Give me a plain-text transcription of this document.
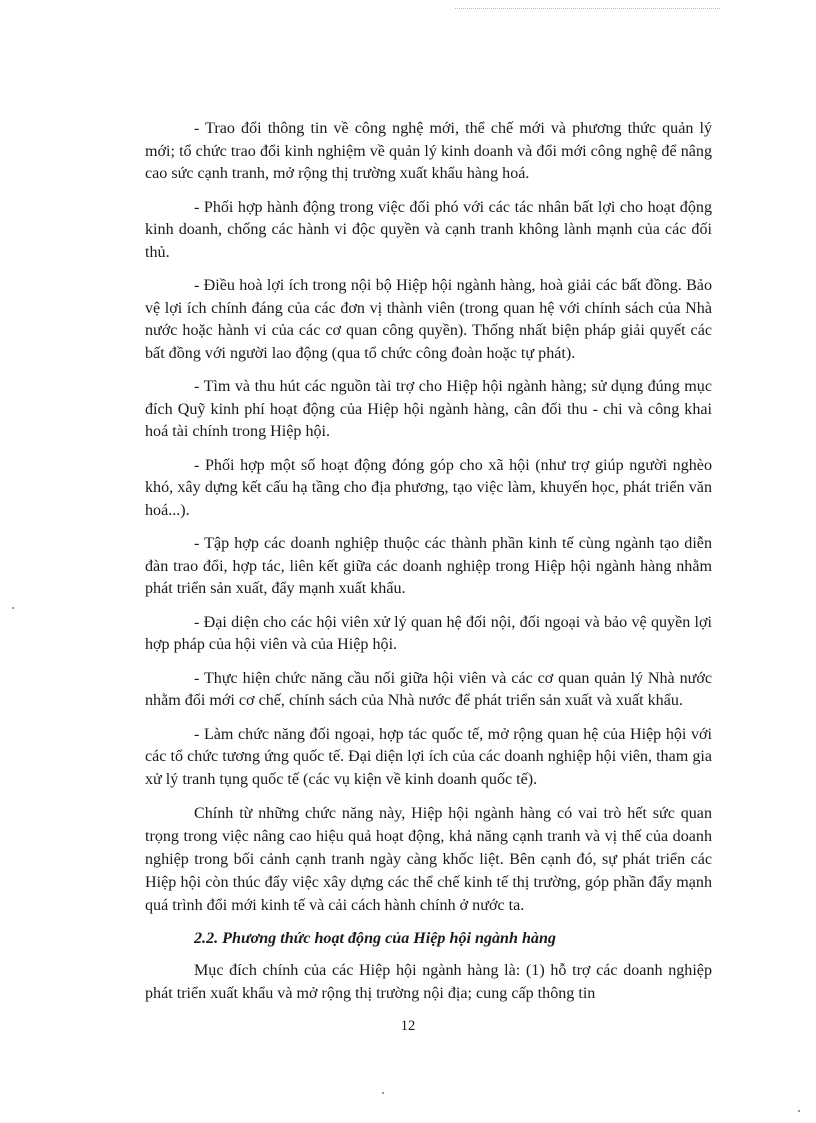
- Trao đổi thông tin về công nghệ mới, thể chế mới và phương thức quản lý mới; tổ chức trao đổi kinh nghiệm về quản lý kinh doanh và đổi mới công nghệ để nâng cao sức cạnh tranh, mở rộng thị trường xuất khẩu hàng hoá.

- Phối hợp hành động trong việc đối phó với các tác nhân bất lợi cho hoạt động kinh doanh, chống các hành vi độc quyền và cạnh tranh không lành mạnh của các đối thủ.

- Điều hoà lợi ích trong nội bộ Hiệp hội ngành hàng, hoà giải các bất đồng. Bảo vệ lợi ích chính đáng của các đơn vị thành viên (trong quan hệ với chính sách của Nhà nước hoặc hành vi của các cơ quan công quyền). Thống nhất biện pháp giải quyết các bất đồng với người lao động (qua tổ chức công đoàn hoặc tự phát).

- Tìm và thu hút các nguồn tài trợ cho Hiệp hội ngành hàng; sử dụng đúng mục đích Quỹ kinh phí hoạt động của Hiệp hội ngành hàng, cân đối thu - chi và công khai hoá tài chính trong Hiệp hội.

- Phối hợp một số hoạt động đóng góp cho xã hội (như trợ giúp người nghèo khó, xây dựng kết cấu hạ tầng cho địa phương, tạo việc làm, khuyến học, phát triển văn hoá...).

- Tập hợp các doanh nghiệp thuộc các thành phần kinh tế cùng ngành tạo diễn đàn trao đổi, hợp tác, liên kết giữa các doanh nghiệp trong Hiệp hội ngành hàng nhằm phát triển sản xuất, đẩy mạnh xuất khẩu.

- Đại diện cho các hội viên xử lý quan hệ đối nội, đối ngoại và bảo vệ quyền lợi hợp pháp của hội viên và của Hiệp hội.

- Thực hiện chức năng cầu nối giữa hội viên và các cơ quan quản lý Nhà nước nhằm đổi mới cơ chế, chính sách của Nhà nước để phát triển sản xuất và xuất khẩu.

- Làm chức năng đối ngoại, hợp tác quốc tế, mở rộng quan hệ của Hiệp hội với các tổ chức tương ứng quốc tế. Đại diện lợi ích của các doanh nghiệp hội viên, tham gia xử lý tranh tụng quốc tế (các vụ kiện về kinh doanh quốc tế).

Chính từ những chức năng này, Hiệp hội ngành hàng có vai trò hết sức quan trọng trong việc nâng cao hiệu quả hoạt động, khả năng cạnh tranh và vị thế của doanh nghiệp trong bối cảnh cạnh tranh ngày càng khốc liệt. Bên cạnh đó, sự phát triển các Hiệp hội còn thúc đẩy việc xây dựng các thể chế kinh tế thị trường, góp phần đẩy mạnh quá trình đổi mới kinh tế và cải cách hành chính ở nước ta.

2.2. Phương thức hoạt động của Hiệp hội ngành hàng

Mục đích chính của các Hiệp hội ngành hàng là: (1) hỗ trợ các doanh nghiệp phát triển xuất khẩu và mở rộng thị trường nội địa; cung cấp thông tin

12
